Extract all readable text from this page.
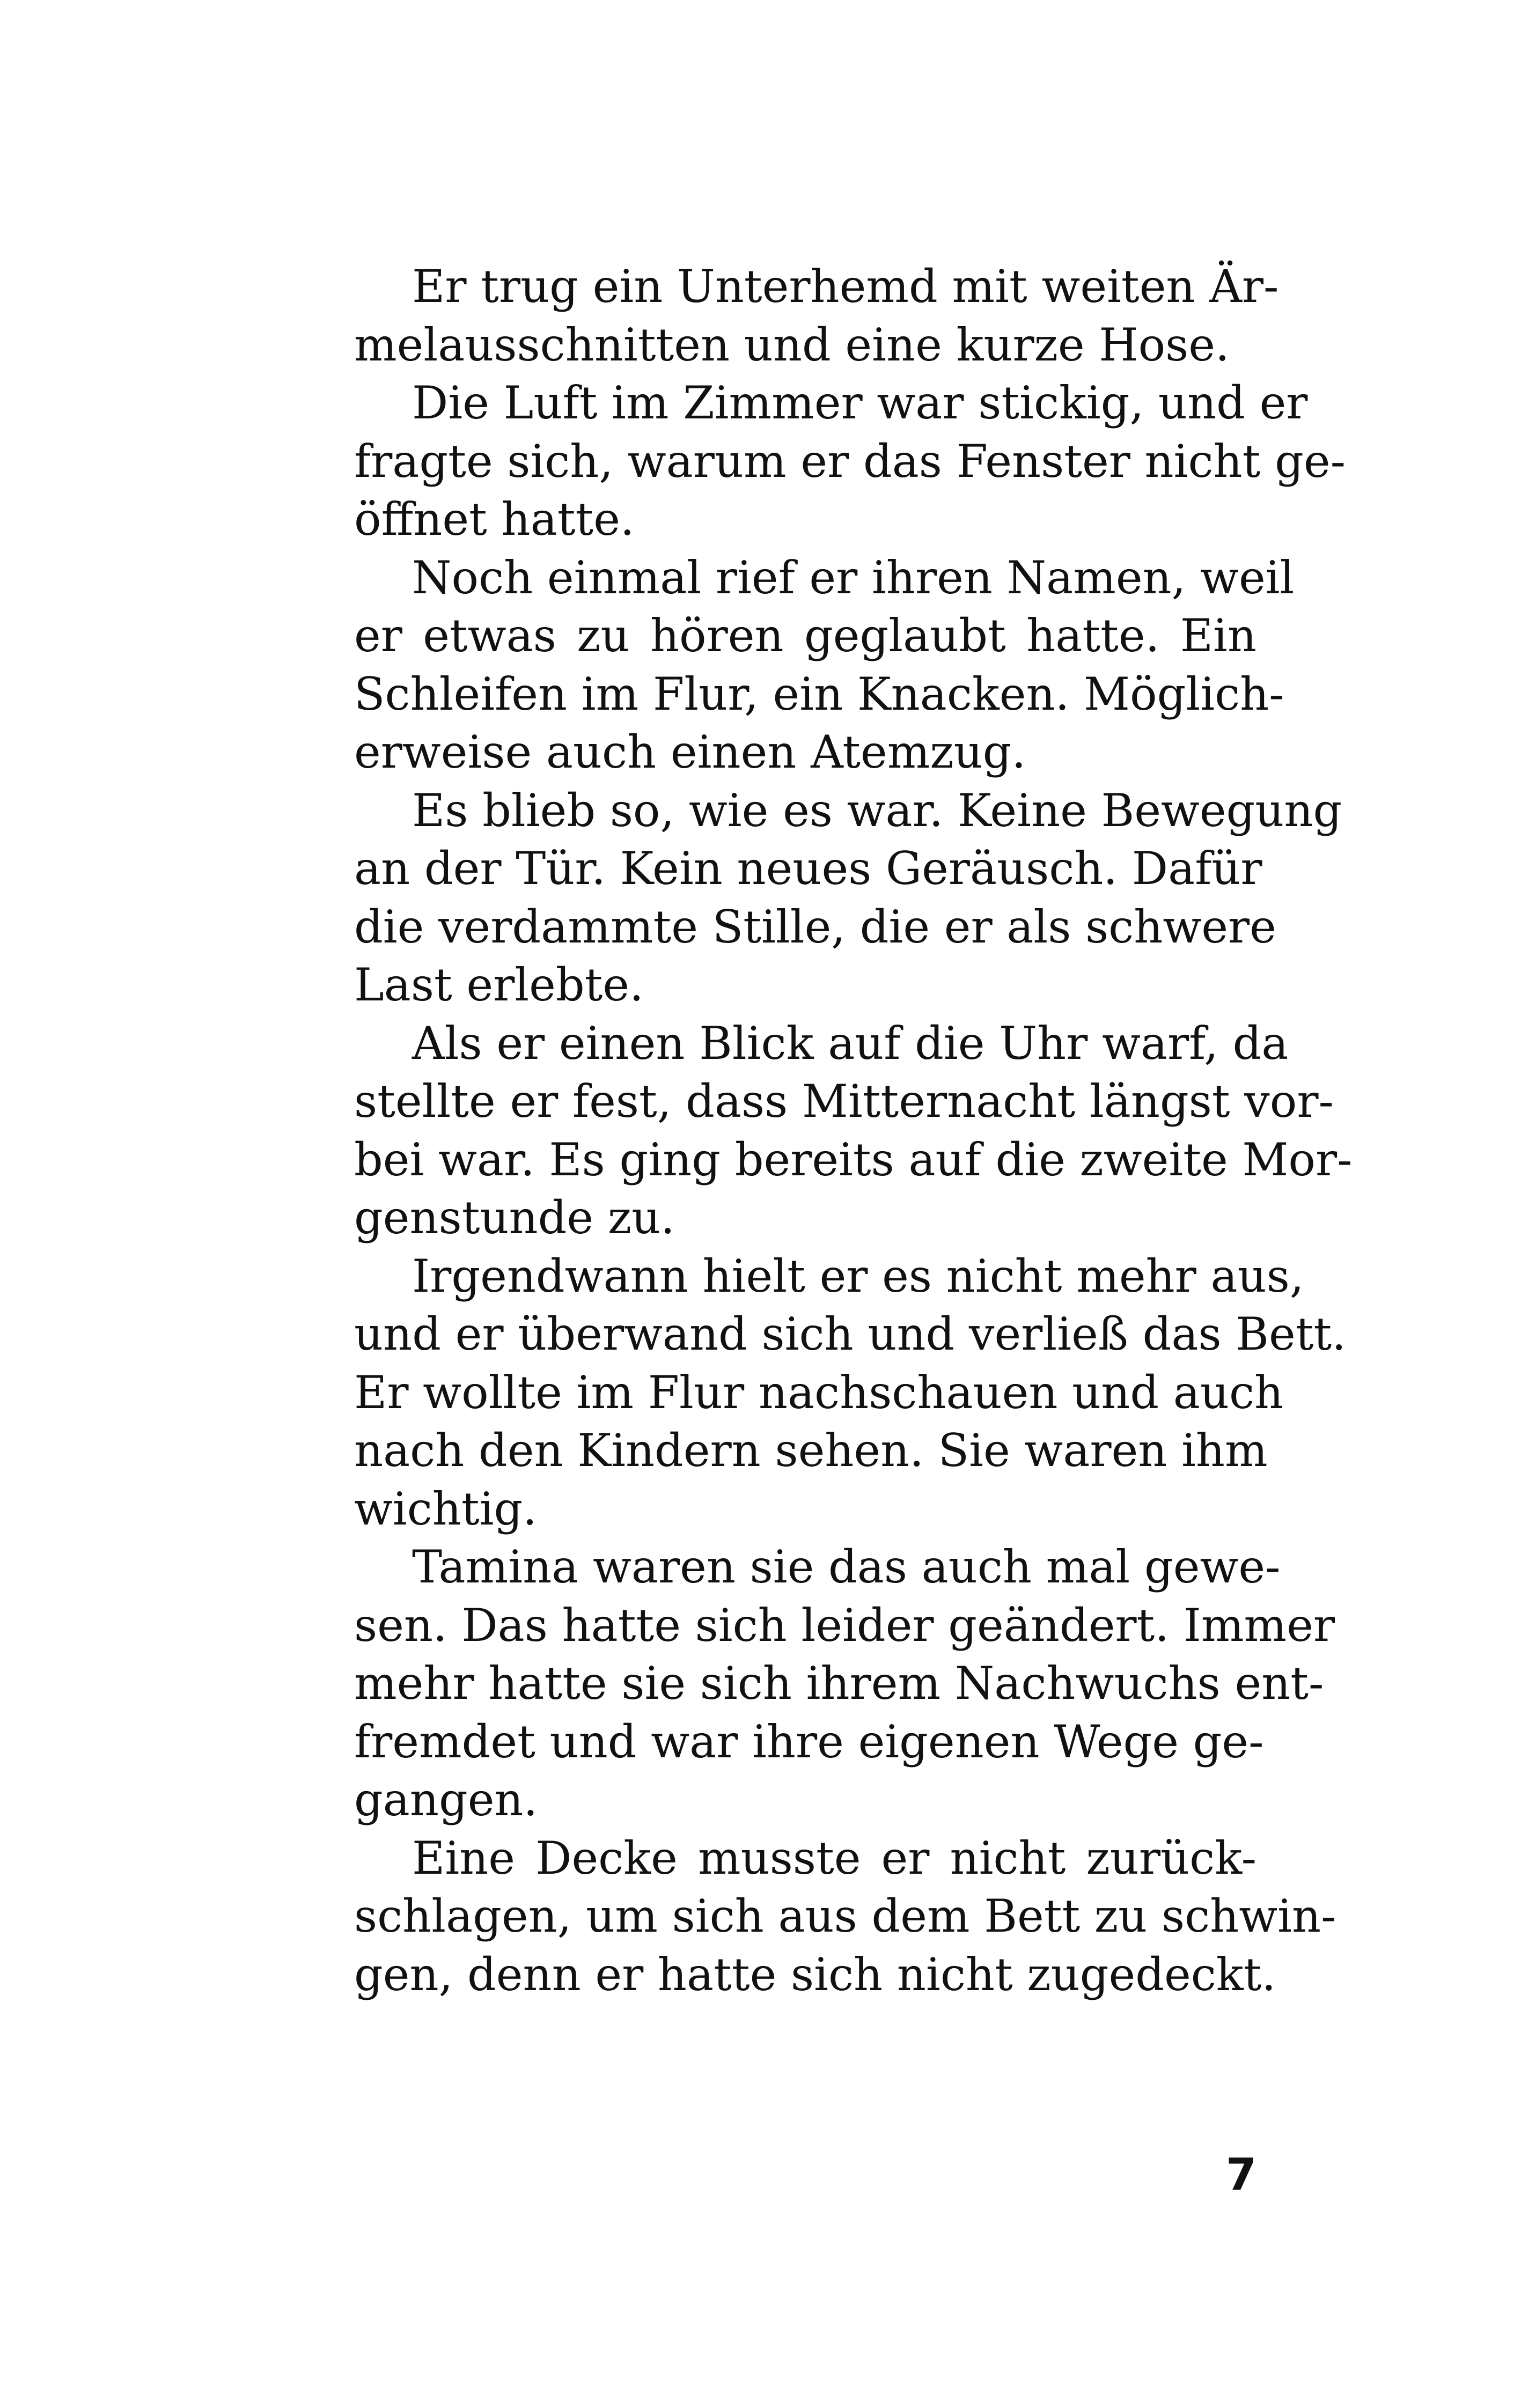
Er trug ein Unterhemd mit weiten Är-
melausschnitten und eine kurze Hose.
Die Luft im Zimmer war stickig, und er
fragte sich, warum er das Fenster nicht ge-
öffnet hatte.
Noch einmal rief er ihren Namen, weil
er etwas zu hören geglaubt hatte. Ein
Schleifen im Flur, ein Knacken. Möglich-
erweise auch einen Atemzug.
Es blieb so, wie es war. Keine Bewegung
an der Tür. Kein neues Geräusch. Dafür
die verdammte Stille, die er als schwere
Last erlebte.
Als er einen Blick auf die Uhr warf, da
stellte er fest, dass Mitternacht längst vor-
bei war. Es ging bereits auf die zweite Mor-
genstunde zu.
Irgendwann hielt er es nicht mehr aus,
und er überwand sich und verließ das Bett.
Er wollte im Flur nachschauen und auch
nach den Kindern sehen. Sie waren ihm
wichtig.
Tamina waren sie das auch mal gewe-
sen. Das hatte sich leider geändert. Immer
mehr hatte sie sich ihrem Nachwuchs ent-
fremdet und war ihre eigenen Wege ge-
gangen.
Eine Decke musste er nicht zurück-
schlagen, um sich aus dem Bett zu schwin-
gen, denn er hatte sich nicht zugedeckt.
7
